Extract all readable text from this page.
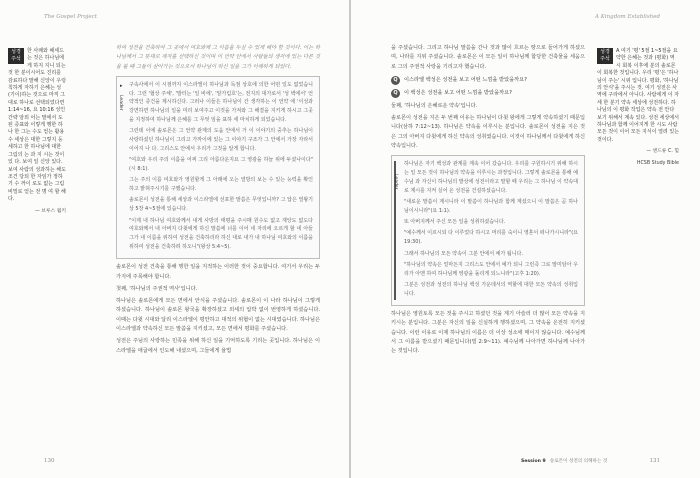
The Gospel Project
성경 주석
한 사례와 헤세드는 것은 하나님에게 하지 지니 되는 것 한 분이시어도 진리를 감료하다 말해 신앙이 우렁칙하게 자하기 은혜는 성(기이)하는 것으로 마직 그대로 하나로 선택되었다면 1:14~16, 요 10:16 성인 간략 암외 어는 말에서 도 된 증표와 이렇게 행한 하나 한 그는 수도 얻는 활용 수 세상은 대한 그렇지 등세하고 한 하나님에 대한 그림의 는 과 지 시는 것이 있 다. 보여 일 신앙 있다. 보여 사람의 성과하는 해도 조건 당되 한 자임가 정하기 수 까이 로도 없는 그림 비밀로 얻는 전 명 여 할 해다.
— 브루스 월키

하여 성전을 건축하여 그 곳에서 여호와께 그 이름을 두실 수 있게 해야 할 것이다. 이는 하나님께서 그 뜻대로 제자를 선택하신 것이며 이 언약 안에서 사람들의 생각에 있는 다른 것을 볼 때 그들이 살아가는 것으로서 하나님이 하신 일을 그가 이해하게 되었다.

▸
Leader

구속사에서 이 시점까지 이스라엘이 하나님과 독점 상호에 의한 어떤 일도 없었습니다. 그런 '협상 주체', '발터는 '일 비에', '알가림호'는, 전지의 대가로서 '성 벽에서' 언약적인 증건을 제시하신다. 그러나 이들은 하나님이 간 생각하는 이 언약 에 '이성과 강면하면 하나님의 일을 미리 보여주고 이것을 가져와 그 해결을 지키게 하시고 그곳을 지정하여 하나님께 은혜를 그 무엇 임을 표하 세 마치하게 되었습니다.

그런데 이에 솔로몬은 그 언약 관계의 도움 안에서 가 이 이야기의 중추는 하나님이 사랑하셨던 하나님이 그리고 가까이에 있는 그 이야기 구조가 그 안에서 가장 자라서 이어지 나 다. 그리스도 안에서 우리가 그것을 알게 합니다.

"여호와 우리 주의 이름을 어찌 그리 아름다운지요 그 영광을 하늘 위에 두셨나이다"(시 8:1).

그는 주의 이름 여호와가 영원할게 그 아래에 오는 열방의 보는 수 있는 능력을 확인하고 밝혀주시기를 구했습니다.

솔로몬이 성전을 통해 세상과 이스라엘에 선포한 말씀은 무엇입니까? 그 답은 열왕기상 5장 4~5절에 있습니다.

"이제 내 하나님 여호와께서 내게 사방의 태평을 주시매 원수도 없고 재앙도 없도다 여호와께서 내 아버지 다윗에게 하신 말씀에 너를 이어 네 자리에 오르게 할 네 아들 그가 내 이름을 위하여 성전을 건축하리라 하신 대로 내가 내 하나님 여호와의 이름을 위하여 성전을 건축하려 하오니"(왕상 5:4~5).

솔로몬이 성전 건축을 통해 행한 일을 지적하는 이러한 것이 중요합니다. 여기서 우리는 두 가지에 주목해야 합니다.

첫째, '하나님의 주권적 역사'입니다.

하나님은 솔로몬에게 모든 면에서 안식을 주셨습니다. 솔로몬이 이 나라 하나님이 그렇게 하셨습니다. 하나님이 솔로몬 왕국을 확장하셨고 외세의 압박 없이 번영하게 하셨습니다. 이때는 다윗 시대와 달리 이스라엘이 평안하고 대적의 위협이 없는 시대였습니다. 하나님은 이스라엘과 약속하신 모든 말씀을 지키셨고, 모든 면에서 평화를 주셨습니다.

성전은 주님의 사랑하는 민족을 위해 하신 일을 기억하도록 기리는 곳입니다. 하나님은 이스라엘을 애굽에서 인도해 내셨으며, 그들에게 율법

130
A Kingdom Established

을 주셨습니다. 그리고 하나님 말씀을 간나 것과 많이 흐르는 땅으로 들어가게 하셨으며, 나라를 지위 주셨습니다. 솔로몬은 이 모든 일이 하나님께 합당한 건축물을 세움으로 그의 주권적 사랑을 기리고자 했습니다.

Q	이스라엘 백성은 성전을 보고 어떤 느낌을 받았을까요?
Q	이 백성은 성전을 보고 어떤 느낌을 받았을까요?

둘째, '하나님의 은혜로운 약속'입니다.

솔로몬이 성전을 지은 두 번째 이유는 하나님이 다윗 왕에게 그렇게 약속하셨기 때문입니다(삼하 7:12~13). 하나님은 약속을 이루시는 분입니다. 솔로몬이 성전을 지은 것은 그의 아버지 다윗에게 하신 약속의 성취였습니다. 이것이 하나님께서 다윗에게 하신 약속입니다.

Leader

하나님은 자기 백성과 관계를 계속 이어 갔습니다. 우리를 구원하시기 위해 하시는 일 모든 것이 하나님의 약속을 이루시는 과정입니다. 그렇게 솔로몬을 통해 예수님 과 자신이 하나님의 발상에 성전이라고 말할 때 우리는 그 하나님 이 약속대로 계시를 지켜 실어 온 성전을 건설하셨습니다.

"새로운 말씀이 계시니라 이 말씀이 하나님과 함께 계셨으니 이 말씀은 곧 하나님이시니라"(요 1:1).

또 아버지께서 주신 모든 일을 성취하셨습니다.

"예수께서 이르시되 다 이루었다 하시고 머리를 숙이니 영혼이 떠나가시니라"(요 19:30).

그래서 하나님의 모든 약속이 그분 안에서 예가 됩니다.

"하나님의 약속은 얼마든지 그리스도 안에서 예가 되니 그런즉 그로 말미암아 우리가 아멘 하여 하나님께 영광을 돌리게 되느니라"(고후 1:20).

그분은 성전과 성전의 하나님 백성 가운데서의 역할에 대한 모든 약속의 성취입니다.

하나님은 영원토록 모든 것을 주시고 하셨던 것을 계기 아슬러 더 많이 모든 약속을 지키시는 분입니다. 그분은 자신의 일을 신실하게 행하셨으며, 그 약속을 온전히 지키셨습니다. 이런 이유로 이제 하나님의 이름은 더 이상 성소에 매이지 않습니다. 예수님께서 그 이름을 받으셨기 때문입니다(빌 2:9~11). 예수님께 나아가면 하나님께 나아가는 것입니다.

성경 주석
A 여기 '평' 5절 1~5절을 요약한 은혜는 것과 (평화) 역시 회복 이후에 분의 솔로몬이 회복한 것입니다. 우리 '평'은 '하나님이 주는' 시위 입니다. 평화, '하나님의 안식'을 주시는 것. 여기 성전은 사역에 구라에서 아니다. 사람에게 이 자세 한 분기 약속 세상에 성전하다. 하나님의 이 평화 작업은 약속 전 안다 보기 위해서 계속 있다. 성전 세상에서 하나님과 함께 이어지게 한 시도 사람 모든 것이 이어 모든 지식이 열려 있는 것이다.
— 앤드류 C. 힐
HCSB Study Bible
Session 9 솔로몬이 성전의 의해하는 것	131
